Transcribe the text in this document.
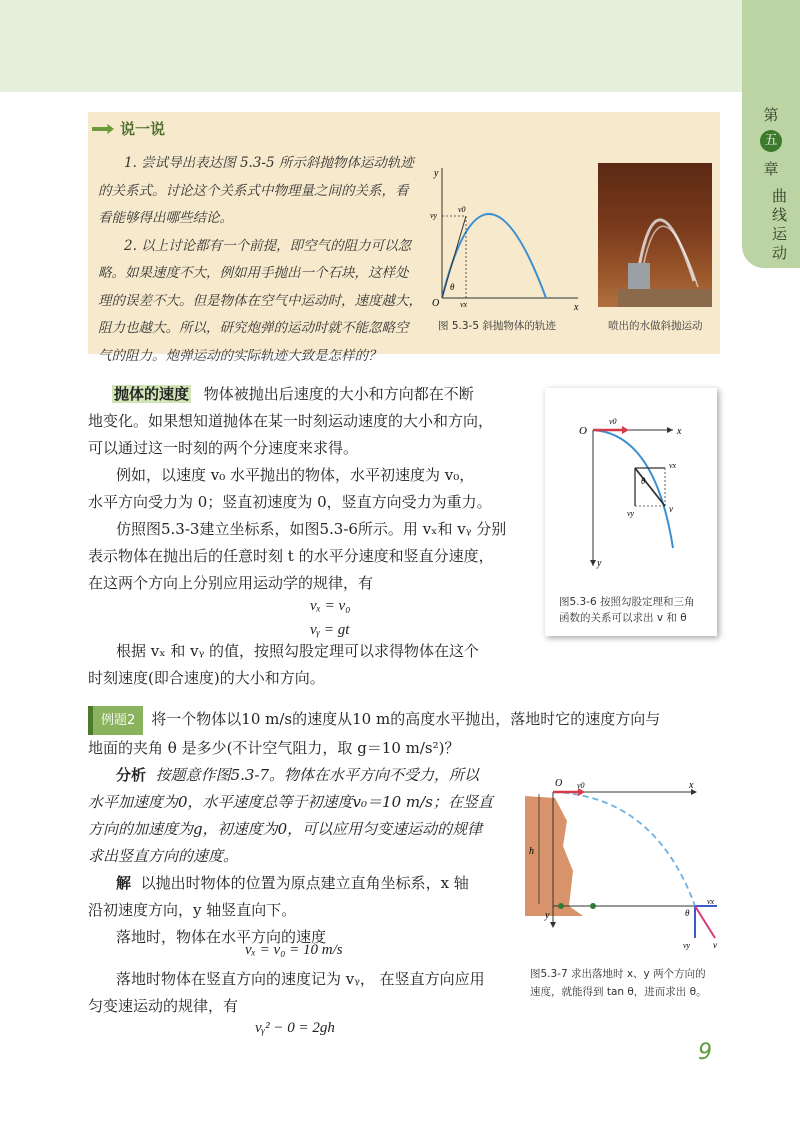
第
五
章
曲线运动
说一说
1. 尝试导出表达图 5.3-5 所示斜抛物体运动轨迹
的关系式。讨论这个关系式中物理量之间的关系，看
看能够得出哪些结论。
2. 以上讨论都有一个前提，即空气的阻力可以忽
略。如果速度不大，例如用手抛出一个石块，这样处
理的误差不大。但是物体在空气中运动时，速度越大，
阻力也越大。所以，研究炮弹的运动时就不能忽略空
气的阻力。炮弹运动的实际轨迹大致是怎样的？
y
x
O
vy
v0
θ
vx
图 5.3-5 斜抛物体的轨迹	喷出的水做斜抛运动
抛体的速度 物体被抛出后速度的大小和方向都在不断
地变化。如果想知道抛体在某一时刻运动速度的大小和方向，
可以通过这一时刻的两个分速度来求得。
例如，以速度 v₀ 水平抛出的物体，水平初速度为 v₀，
水平方向受力为 0；竖直初速度为 0，竖直方向受力为重力。
仿照图5.3-3建立坐标系，如图5.3-6所示。用 vₓ和 vᵧ 分别
表示物体在抛出后的任意时刻 t 的水平分速度和竖直分速度，
在这两个方向上分别应用运动学的规律，有
vₓ = v₀
vᵧ = gt
根据 vₓ 和 vᵧ 的值，按照勾股定理可以求得物体在这个
时刻速度(即合速度)的大小和方向。
O	x
y
v0
vx
vy	v
θ
图5.3-6 按照勾股定理和三角
函数的关系可以求出 v 和 θ
例题2 将一个物体以10 m/s的速度从10 m的高度水平抛出，落地时它的速度方向与
地面的夹角 θ 是多少(不计空气阻力，取 g＝10 m/s²)？
分析 按题意作图5.3-7。物体在水平方向不受力，所以
水平加速度为0，水平速度总等于初速度v₀＝10 m/s；在竖直
方向的加速度为g，初速度为0，可以应用匀变速运动的规律
求出竖直方向的速度。
解 以抛出时物体的位置为原点建立直角坐标系，x 轴
沿初速度方向，y 轴竖直向下。
落地时，物体在水平方向的速度
vₓ = v₀ = 10 m/s
落地时物体在竖直方向的速度记为 vᵧ， 在竖直方向应用
匀变速运动的规律，有
vᵧ² − 0 = 2gh
O v0	x
y
h
θ
vx
vy	v
图5.3-7 求出落地时 x、y 两个方向的
速度，就能得到 tan θ，进而求出 θ。
9
